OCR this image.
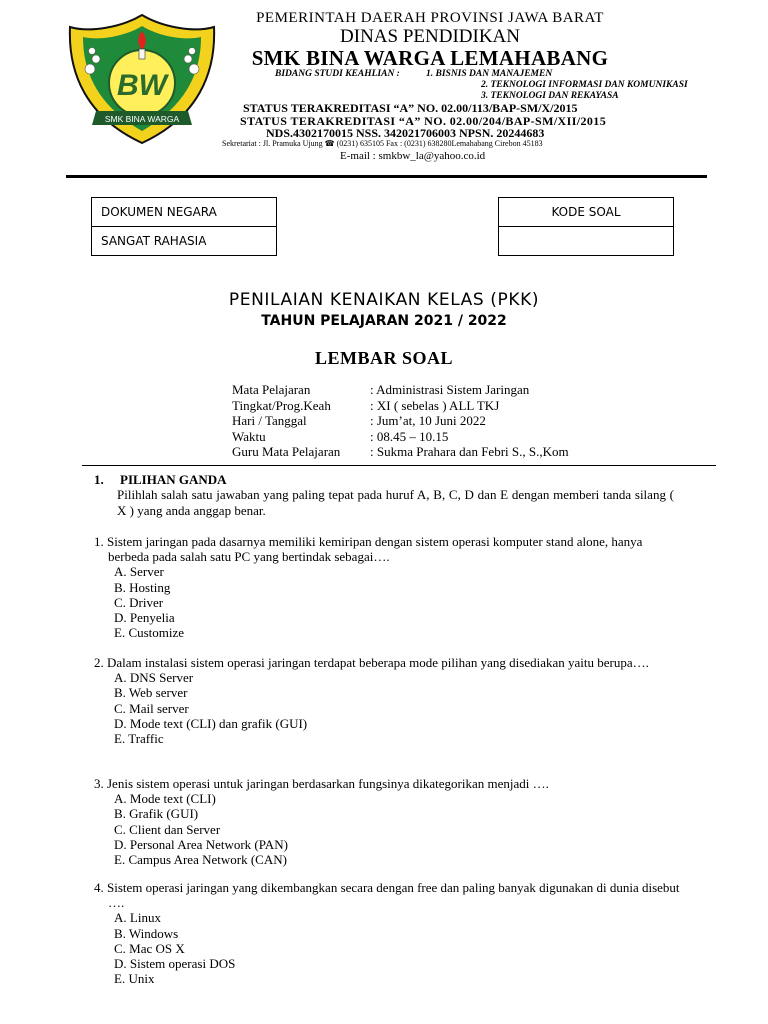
BW
SMK BINA WARGA
PEMERINTAH DAERAH PROVINSI JAWA BARAT
DINAS PENDIDIKAN
SMK BINA WARGA LEMAHABANG
BIDANG STUDI KEAHLIAN :	1. BISNIS DAN MANAJEMEN
2. TEKNOLOGI INFORMASI DAN KOMUNIKASI
3. TEKNOLOGI DAN REKAYASA
STATUS TERAKREDITASI “A” NO. 02.00/113/BAP-SM/X/2015
STATUS TERAKREDITASI “A” NO. 02.00/204/BAP-SM/XII/2015
NDS.4302170015 NSS. 342021706003 NPSN. 20244683
Sekretariat : Jl. Pramuka Ujung ☎ (0231) 635105 Fax : (0231) 638280Lemahabang Cirebon 45183
E-mail : smkbw_la@yahoo.co.id
DOKUMEN NEGARA
SANGAT RAHASIA
KODE SOAL

PENILAIAN KENAIKAN KELAS (PKK)
TAHUN PELAJARAN 2021 / 2022
LEMBAR SOAL
Mata Pelajaran	: Administrasi Sistem Jaringan
Tingkat/Prog.Keah	: XI ( sebelas ) ALL TKJ
Hari / Tanggal	: Jum’at, 10 Juni 2022
Waktu	: 08.45 – 10.15
Guru Mata Pelajaran	: Sukma Prahara dan Febri S., S.,Kom
1. PILIHAN GANDA
Pilihlah salah satu jawaban yang paling tepat pada huruf A, B, C, D dan E dengan memberi tanda silang ( X ) yang anda anggap benar.
1. Sistem jaringan pada dasarnya memiliki kemiripan dengan sistem operasi komputer stand alone, hanya berbeda pada salah satu PC yang bertindak sebagai….
A. Server
B. Hosting
C. Driver
D. Penyelia
E. Customize
2. Dalam instalasi sistem operasi jaringan terdapat beberapa mode pilihan yang disediakan yaitu berupa….
A. DNS Server
B. Web server
C. Mail server
D. Mode text (CLI) dan grafik (GUI)
E. Traffic
3. Jenis sistem operasi untuk jaringan berdasarkan fungsinya dikategorikan menjadi ….
A. Mode text (CLI)
B. Grafik (GUI)
C. Client dan Server
D. Personal Area Network (PAN)
E. Campus Area Network (CAN)
4. Sistem operasi jaringan yang dikembangkan secara dengan free dan paling banyak digunakan di dunia disebut ….
A. Linux
B. Windows
C. Mac OS X
D. Sistem operasi DOS
E. Unix
